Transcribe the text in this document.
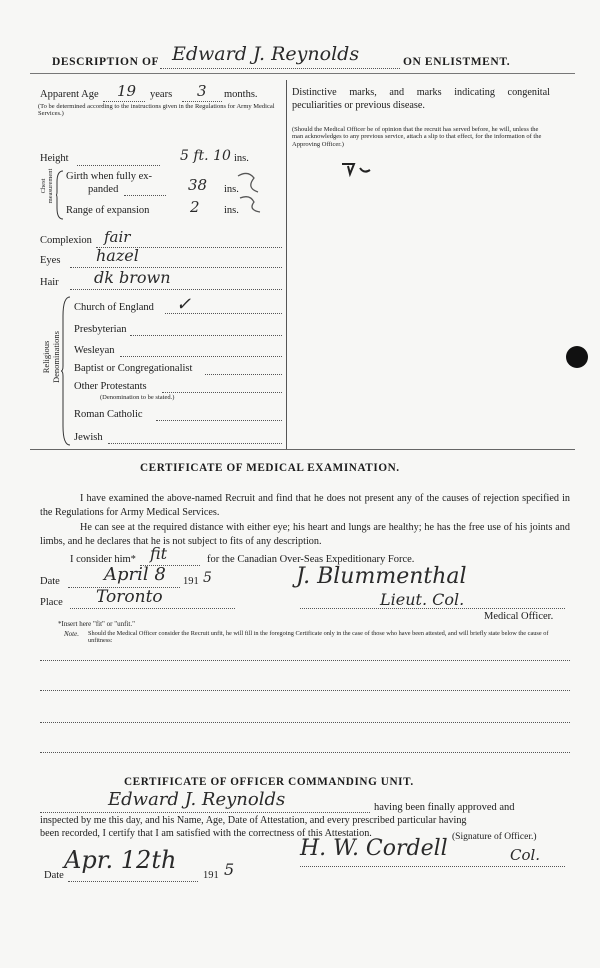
DESCRIPTION OF Edward J. Reynolds	ON ENLISTMENT.
Apparent Age 19 years 3 months.
(To be determined according to the instructions given in the Regulations for Army Medical Services.)
Distinctive marks, and marks indicating congenital peculiarities or previous disease.
(Should the Medical Officer be of opinion that the recruit has served before, he will, unless the man acknowledges to any previous service, attach a slip to that effect, for the information of the Approving Officer.)
Height	5 ft. 10 ins.
Chest measurement Girth when fully ex-
panded	38 ins.
Range of expansion	2 ins.
Complexion fair
Eyes hazel
Hair dk brown
Religious Denominations
Church of England ✓
Presbyterian
Wesleyan
Baptist or Congregationalist
Other Protestants
(Denomination to be stated.)
Roman Catholic
Jewish
CERTIFICATE OF MEDICAL EXAMINATION.
I have examined the above-named Recruit and find that he does not present any of the causes of rejection specified in the Regulations for Army Medical Services.
He can see at the required distance with either eye; his heart and lungs are healthy; he has the free use of his joints and limbs, and he declares that he is not subject to fits of any description.
I consider him* fit	for the Canadian Over-Seas Expeditionary Force.
Date April 8 191 5
Place Toronto
J. Blummenthal
Lieut. Col.
Medical Officer.
*Insert here "fit" or "unfit."
Note. Should the Medical Officer consider the Recruit unfit, he will fill in the foregoing Certificate only in the case of those who have been attested, and will briefly state below the cause of unfitness:
CERTIFICATE OF OFFICER COMMANDING UNIT.
Edward J. Reynolds	having been finally approved and
inspected by me this day, and his Name, Age, Date of Attestation, and every prescribed particular having
been recorded, I certify that I am satisfied with the correctness of this Attestation.
H. W. Cordell	Col.
(Signature of Officer.)
Date
Apr. 12th
191 5
